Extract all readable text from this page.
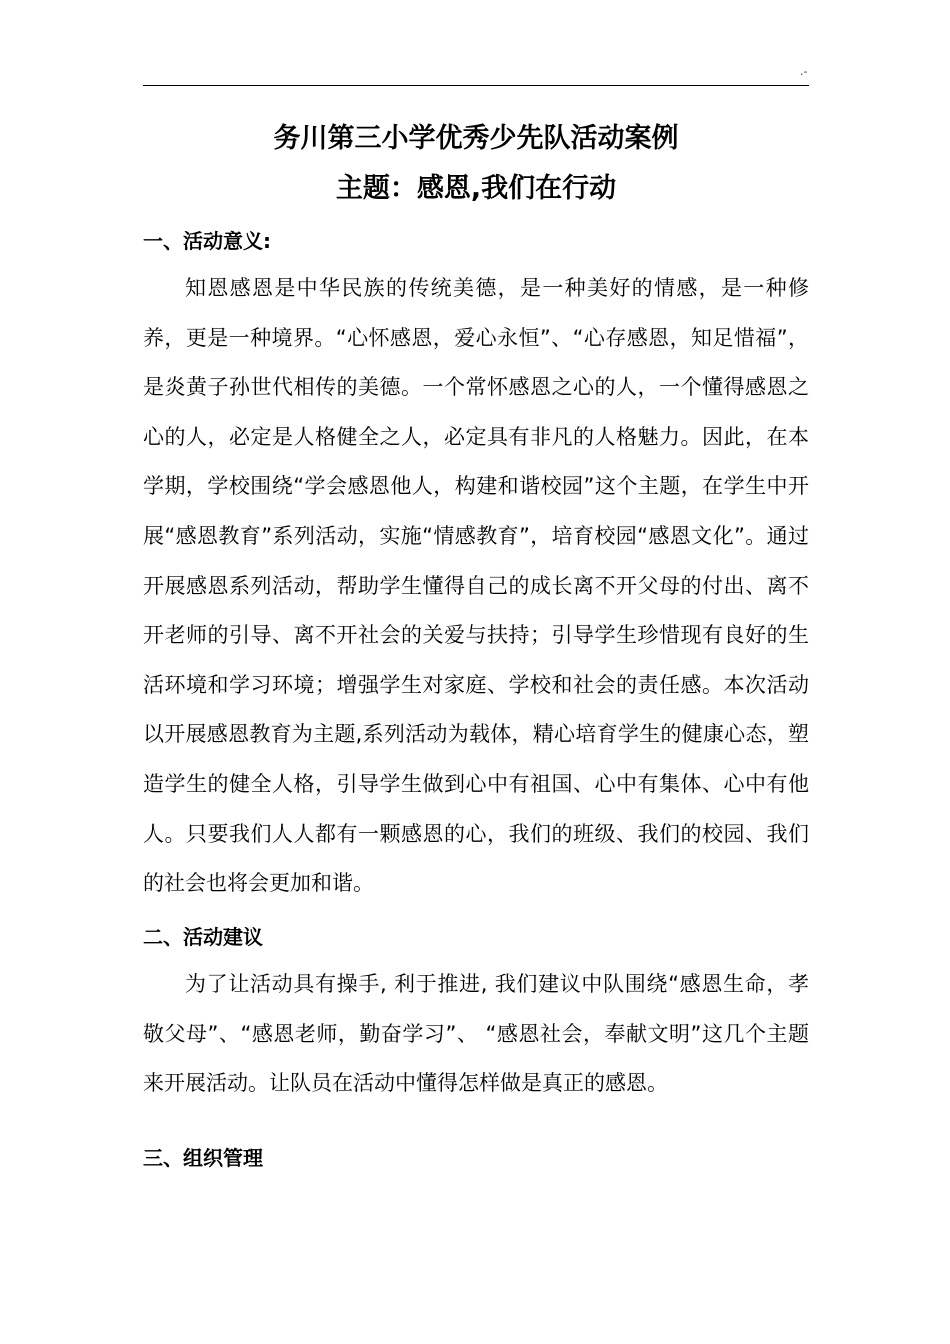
.-
务川第三小学优秀少先队活动案例
主题：感恩,我们在行动
一、活动意义:

知恩感恩是中华民族的传统美德，是一种美好的情感，是一种修养，更是一种境界。“心怀感恩，爱心永恒”、“心存感恩，知足惜福”，是炎黄子孙世代相传的美德。一个常怀感恩之心的人，一个懂得感恩之心的人，必定是人格健全之人，必定具有非凡的人格魅力。因此，在本学期，学校围绕“学会感恩他人，构建和谐校园”这个主题，在学生中开展“感恩教育”系列活动，实施“情感教育”，培育校园“感恩文化”。通过开展感恩系列活动，帮助学生懂得自己的成长离不开父母的付出、离不开老师的引导、离不开社会的关爱与扶持；引导学生珍惜现有良好的生活环境和学习环境；增强学生对家庭、学校和社会的责任感。本次活动以开展感恩教育为主题,系列活动为载体，精心培育学生的健康心态，塑造学生的健全人格，引导学生做到心中有祖国、心中有集体、心中有他人。只要我们人人都有一颗感恩的心，我们的班级、我们的校园、我们的社会也将会更加和谐。

二、活动建议

为了让活动具有操手, 利于推进, 我们建议中队围绕“感恩生命，孝敬父母”、“感恩老师，勤奋学习”、 “感恩社会，奉献文明”这几个主题来开展活动。让队员在活动中懂得怎样做是真正的感恩。

三、组织管理
